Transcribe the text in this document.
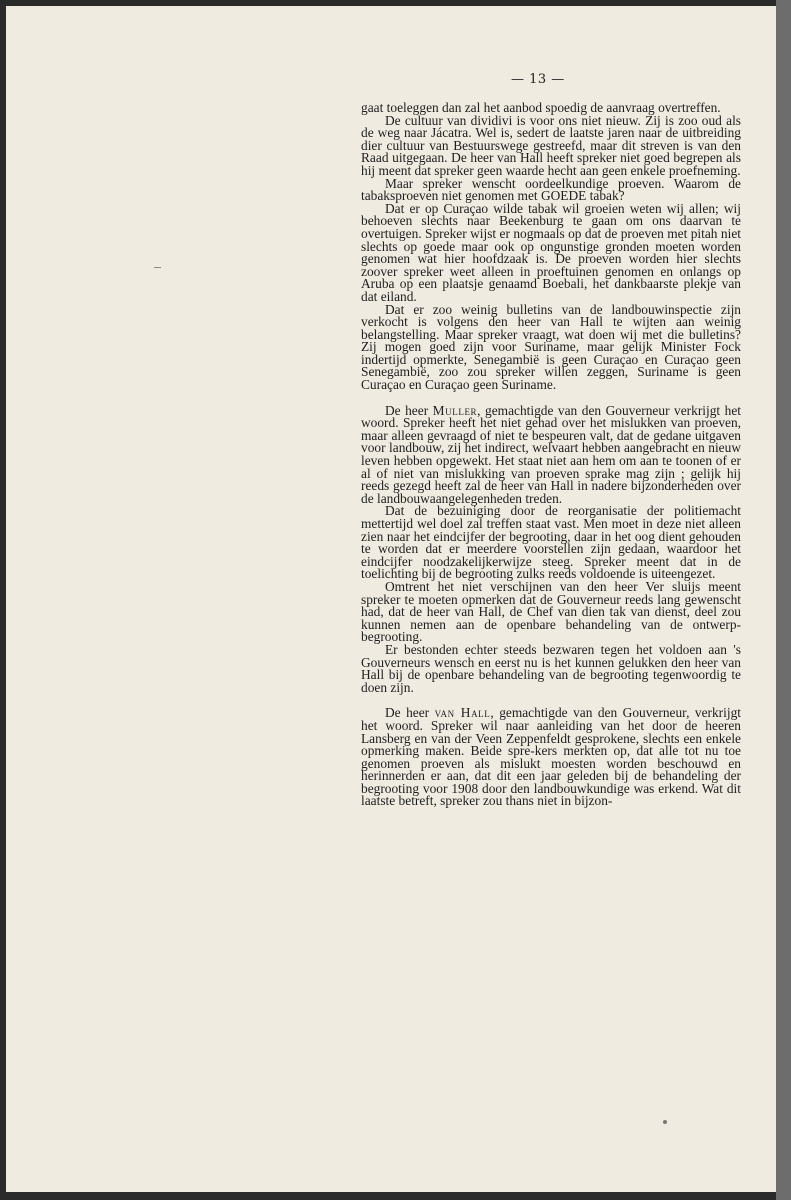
— 13 —

gaat toeleggen dan zal het aanbod spoedig de aanvraag overtreffen.

De cultuur van dividivi is voor ons niet nieuw. Zij is zoo oud als de weg naar Jácatra. Wel is, sedert de laatste jaren naar de uitbreiding dier cultuur van Bestuurswege gestreefd, maar dit streven is van den Raad uitgegaan. De heer van Hall heeft spreker niet goed begrepen als hij meent dat spreker geen waarde hecht aan geen enkele proefneming.

Maar spreker wenscht oordeelkundige proeven. Waarom de tabaksproeven niet genomen met GOEDE tabak?

Dat er op Curaçao wilde tabak wil groeien weten wij allen; wij behoeven slechts naar Beekenburg te gaan om ons daarvan te overtuigen. Spreker wijst er nogmaals op dat de proeven met pitah niet slechts op goede maar ook op ongunstige gronden moeten worden genomen wat hier hoofdzaak is. De proeven worden hier slechts zoover spreker weet alleen in proeftuinen genomen en onlangs op Aruba op een plaatsje genaamd Boebali, het dankbaarste plekje van dat eiland.

Dat er zoo weinig bulletins van de landbouwinspectie zijn verkocht is volgens den heer van Hall te wijten aan weinig belangstelling. Maar spreker vraagt, wat doen wij met die bulletins? Zij mogen goed zijn voor Suriname, maar gelijk Minister Fock indertijd opmerkte, Senegambië is geen Curaçao en Curaçao geen Senegambië, zoo zou spreker willen zeggen, Suriname is geen Curaçao en Curaçao geen Suriname.

De heer Muller, gemachtigde van den Gouverneur verkrijgt het woord. Spreker heeft het niet gehad over het mislukken van proeven, maar alleen gevraagd of niet te bespeuren valt, dat de gedane uitgaven voor landbouw, zij het indirect, welvaart hebben aangebracht en nieuw leven hebben opgewekt. Het staat niet aan hem om aan te toonen of er al of niet van mislukking van proeven sprake mag zijn ; gelijk hij reeds gezegd heeft zal de heer van Hall in nadere bijzonderheden over de landbouwaangelegenheden treden.

Dat de bezuiniging door de reorganisatie der politiemacht mettertijd wel doel zal treffen staat vast. Men moet in deze niet alleen zien naar het eindcijfer der begrooting, daar in het oog dient gehouden te worden dat er meerdere voorstellen zijn gedaan, waardoor het eindcijfer noodzakelijkerwijze steeg. Spreker meent dat in de toelichting bij de begrooting zulks reeds voldoende is uiteengezet.

Omtrent het niet verschijnen van den heer Ver sluijs meent spreker te moeten opmerken dat de Gouverneur reeds lang gewenscht had, dat de heer van Hall, de Chef van dien tak van dienst, deel zou kunnen nemen aan de openbare behandeling van de ontwerp-begrooting.

Er bestonden echter steeds bezwaren tegen het voldoen aan 's Gouverneurs wensch en eerst nu is het kunnen gelukken den heer van Hall bij de openbare behandeling van de begrooting tegenwoordig te doen zijn.

De heer van Hall, gemachtigde van den Gouverneur, verkrijgt het woord. Spreker wil naar aanleiding van het door de heeren Lansberg en van der Veen Zeppenfeldt gesprokene, slechts een enkele opmerking maken. Beide spre-kers merkten op, dat alle tot nu toe genomen proeven als mislukt moesten worden beschouwd en herinnerden er aan, dat dit een jaar geleden bij de behandeling der begrooting voor 1908 door den landbouwkundige was erkend. Wat dit laatste betreft, spreker zou thans niet in bijzon-
